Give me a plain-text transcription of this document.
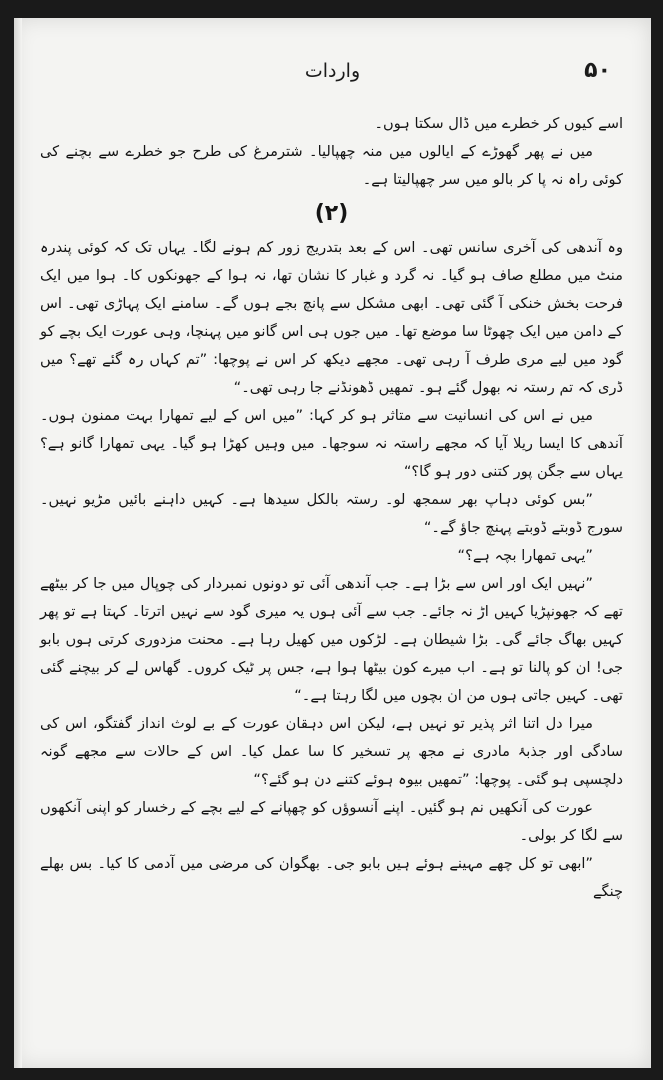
۵۰
واردات

اسے کیوں کر خطرے میں ڈال سکتا ہوں۔

میں نے پھر گھوڑے کے ایالوں میں منہ چھپالیا۔ شترمرغ کی طرح جو خطرے سے بچنے کی کوئی راہ نہ پا کر بالو میں سر چھپالیتا ہے۔

(۲)

وہ آندھی کی آخری سانس تھی۔ اس کے بعد بتدریج زور کم ہونے لگا۔ یہاں تک کہ کوئی پندرہ منٹ میں مطلع صاف ہو گیا۔ نہ گرد و غبار کا نشان تھا، نہ ہوا کے جھونکوں کا۔ ہوا میں ایک فرحت بخش خنکی آ گئی تھی۔ ابھی مشکل سے پانچ بجے ہوں گے۔ سامنے ایک پہاڑی تھی۔ اس کے دامن میں ایک چھوٹا سا موضع تھا۔ میں جوں ہی اس گانو میں پہنچا، وہی عورت ایک بچے کو گود میں لیے مری طرف آ رہی تھی۔ مجھے دیکھ کر اس نے پوچھا: ”تم کہاں رہ گئے تھے؟ میں ڈری کہ تم رستہ نہ بھول گئے ہو۔ تمھیں ڈھونڈنے جا رہی تھی۔“

میں نے اس کی انسانیت سے متاثر ہو کر کہا: ”میں اس کے لیے تمھارا بہت ممنون ہوں۔ آندھی کا ایسا ریلا آیا کہ مجھے راستہ نہ سوجھا۔ میں وہیں کھڑا ہو گیا۔ یہی تمھارا گانو ہے؟ یہاں سے جگن پور کتنی دور ہو گا؟“

”بس کوئی دہاپ بھر سمجھ لو۔ رستہ بالکل سیدھا ہے۔ کہیں داہنے بائیں مڑیو نہیں۔ سورج ڈوبتے ڈوبتے پہنچ جاؤ گے۔“

”یہی تمھارا بچہ ہے؟“

”نہیں ایک اور اس سے بڑا ہے۔ جب آندھی آئی تو دونوں نمبردار کی چوپال میں جا کر بیٹھے تھے کہ جھونپڑیا کہیں اڑ نہ جائے۔ جب سے آئی ہوں یہ میری گود سے نہیں اترتا۔ کہتا ہے تو پھر کہیں بھاگ جائے گی۔ بڑا شیطان ہے۔ لڑکوں میں کھیل رہا ہے۔ محنت مزدوری کرتی ہوں بابو جی! ان کو پالنا تو ہے۔ اب میرے کون بیٹھا ہوا ہے، جس پر ٹیک کروں۔ گھاس لے کر بیچنے گئی تھی۔ کہیں جاتی ہوں من ان بچوں میں لگا رہتا ہے۔“

میرا دل اتنا اثر پذیر تو نہیں ہے، لیکن اس دہقان عورت کے بے لوث انداز گفتگو، اس کی سادگی اور جذبۂ مادری نے مجھ پر تسخیر کا سا عمل کیا۔ اس کے حالات سے مجھے گونہ دلچسپی ہو گئی۔ پوچھا: ”تمھیں بیوہ ہوئے کتنے دن ہو گئے؟“

عورت کی آنکھیں نم ہو گئیں۔ اپنے آنسوؤں کو چھپانے کے لیے بچے کے رخسار کو اپنی آنکھوں سے لگا کر بولی۔

”ابھی تو کل چھے مہینے ہوئے ہیں بابو جی۔ بھگوان کی مرضی میں آدمی کا کیا۔ بس بھلے چنگے
